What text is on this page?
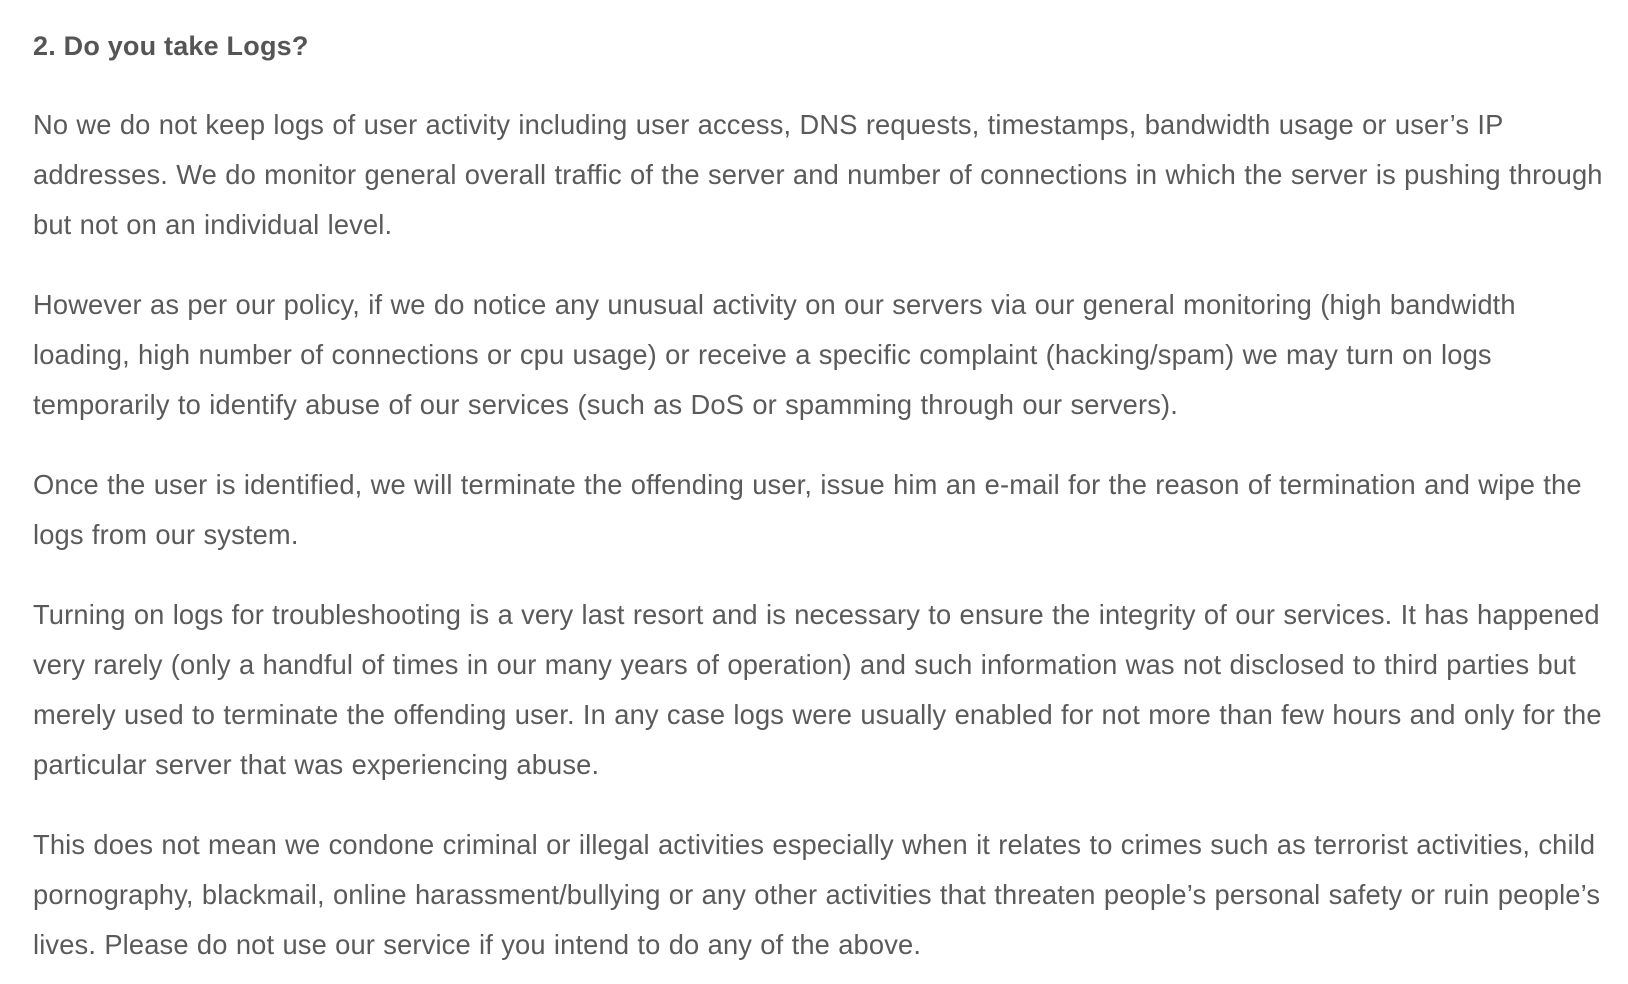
2. Do you take Logs?

No we do not keep logs of user activity including user access, DNS requests, timestamps, bandwidth usage or user’s IP addresses. We do monitor general overall traffic of the server and number of connections in which the server is pushing through but not on an individual level.

However as per our policy, if we do notice any unusual activity on our servers via our general monitoring (high bandwidth loading, high number of connections or cpu usage) or receive a specific complaint (hacking/spam) we may turn on logs temporarily to identify abuse of our services (such as DoS or spamming through our servers).

Once the user is identified, we will terminate the offending user, issue him an e-mail for the reason of termination and wipe the logs from our system.

Turning on logs for troubleshooting is a very last resort and is necessary to ensure the integrity of our services. It has happened very rarely (only a handful of times in our many years of operation) and such information was not disclosed to third parties but merely used to terminate the offending user. In any case logs were usually enabled for not more than few hours and only for the particular server that was experiencing abuse.

This does not mean we condone criminal or illegal activities especially when it relates to crimes such as terrorist activities, child pornography, blackmail, online harassment/bullying or any other activities that threaten people’s personal safety or ruin people’s lives. Please do not use our service if you intend to do any of the above.
